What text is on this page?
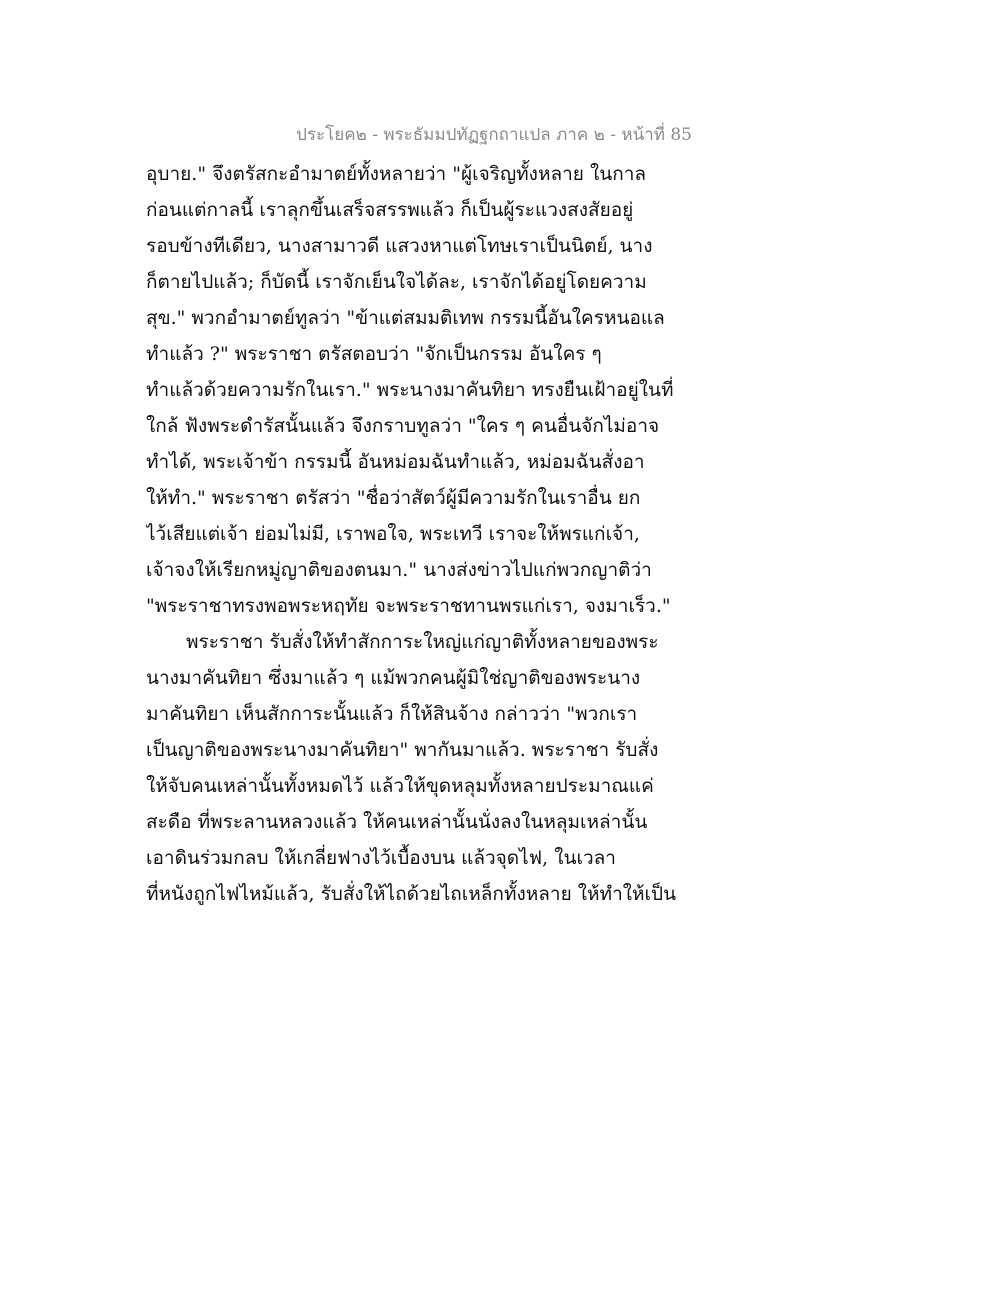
ประโยค๒ - พระธัมมปทัฏฐกถาแปล ภาค ๒ - หน้าที่ 85
อุบาย." จึงตรัสกะอำมาตย์ทั้งหลายว่า "ผู้เจริญทั้งหลาย ในกาล
ก่อนแต่กาลนี้ เราลุกขึ้นเสร็จสรรพแล้ว ก็เป็นผู้ระแวงสงสัยอยู่
รอบข้างทีเดียว, นางสามาวดี แสวงหาแต่โทษเราเป็นนิตย์, นาง
ก็ตายไปแล้ว; ก็บัดนี้ เราจักเย็นใจได้ละ, เราจักได้อยู่โดยความ
สุข." พวกอำมาตย์ทูลว่า "ข้าแต่สมมติเทพ กรรมนี้อันใครหนอแล
ทำแล้ว ?" พระราชา ตรัสตอบว่า "จักเป็นกรรม อันใคร ๆ
ทำแล้วด้วยความรักในเรา." พระนางมาคันทิยา ทรงยืนเฝ้าอยู่ในที่
ใกล้ ฟังพระดำรัสนั้นแล้ว จึงกราบทูลว่า "ใคร ๆ คนอื่นจักไม่อาจ
ทำได้, พระเจ้าข้า กรรมนี้ อันหม่อมฉันทำแล้ว, หม่อมฉันสั่งอา
ให้ทำ." พระราชา ตรัสว่า "ชื่อว่าสัตว์ผู้มีความรักในเราอื่น ยก
ไว้เสียแต่เจ้า ย่อมไม่มี, เราพอใจ, พระเทวี เราจะให้พรแก่เจ้า,
เจ้าจงให้เรียกหมู่ญาติของตนมา." นางส่งข่าวไปแก่พวกญาติว่า
"พระราชาทรงพอพระหฤทัย จะพระราชทานพรแก่เรา, จงมาเร็ว."
พระราชา รับสั่งให้ทำสักการะใหญ่แก่ญาติทั้งหลายของพระ
นางมาคันทิยา ซึ่งมาแล้ว ๆ แม้พวกคนผู้มิใช่ญาติของพระนาง
มาคันทิยา เห็นสักการะนั้นแล้ว ก็ให้สินจ้าง กล่าวว่า "พวกเรา
เป็นญาติของพระนางมาคันทิยา" พากันมาแล้ว. พระราชา รับสั่ง
ให้จับคนเหล่านั้นทั้งหมดไว้ แล้วให้ขุดหลุมทั้งหลายประมาณแค่
สะดือ ที่พระลานหลวงแล้ว ให้คนเหล่านั้นนั่งลงในหลุมเหล่านั้น
เอาดินร่วมกลบ ให้เกลี่ยฟางไว้เบื้องบน แล้วจุดไฟ, ในเวลา
ที่หนังถูกไฟไหม้แล้ว, รับสั่งให้ไถด้วยไถเหล็กทั้งหลาย ให้ทำให้เป็น
